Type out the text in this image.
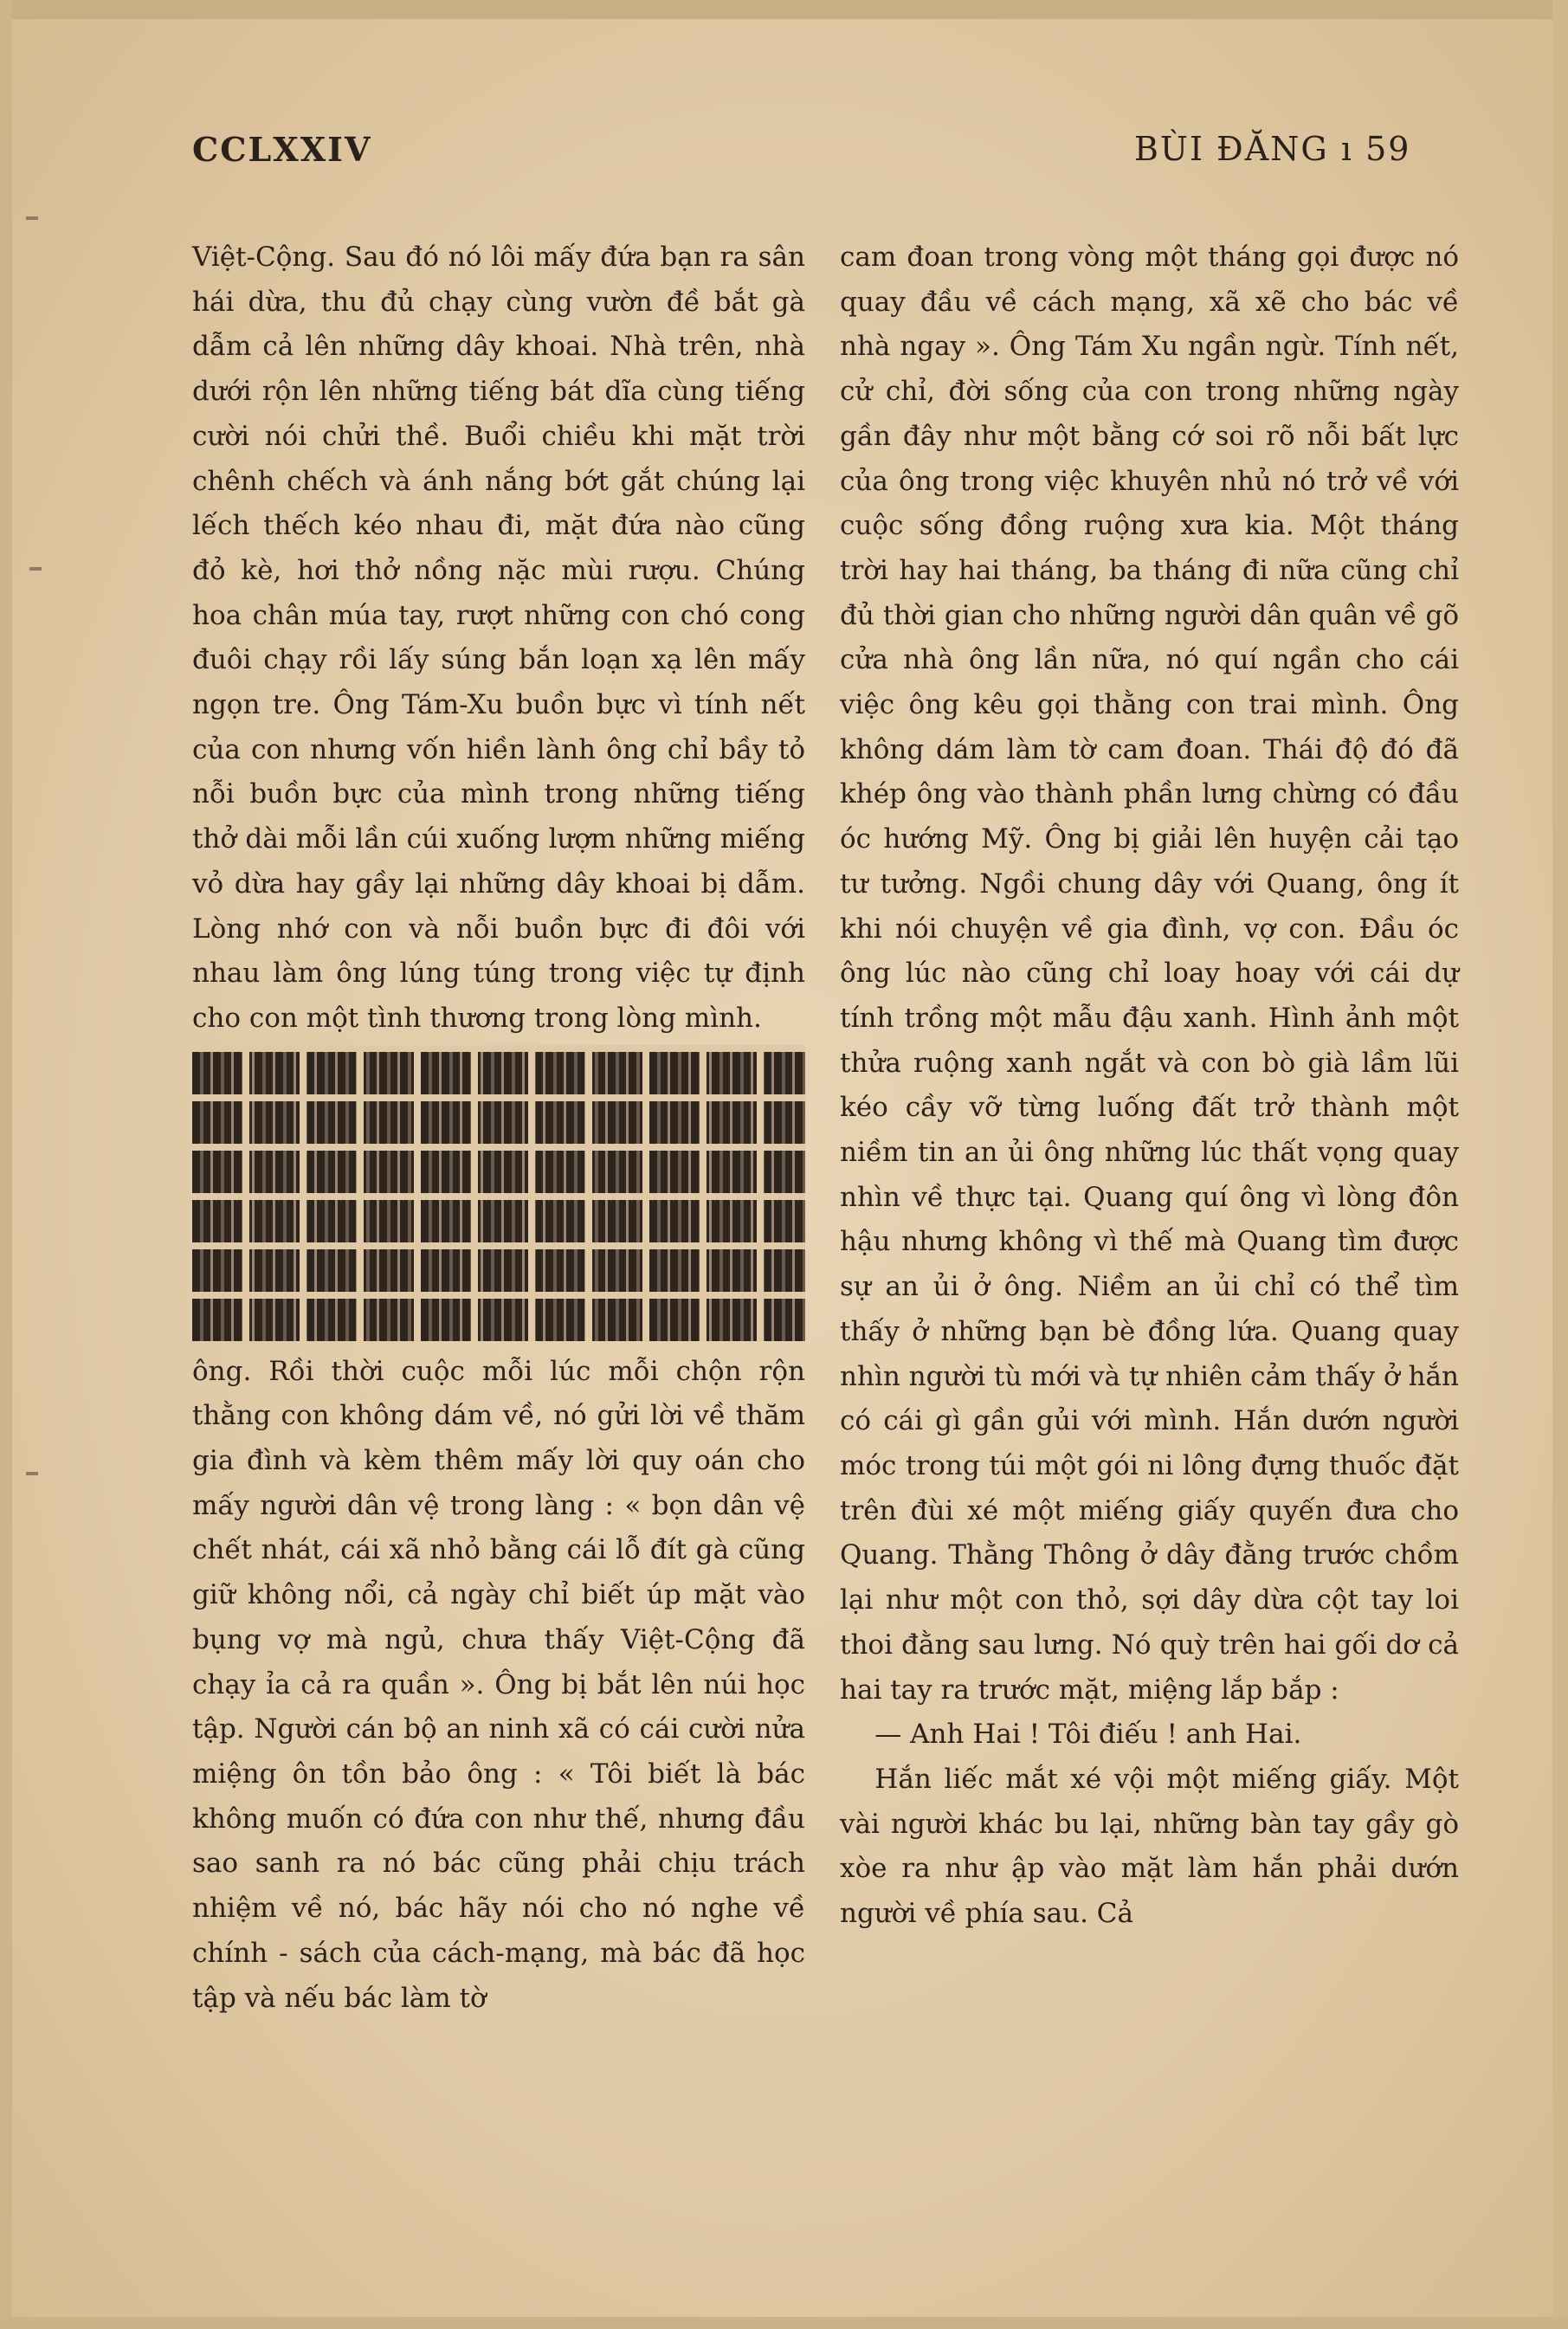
CCLXXIV	BÙI ĐĂNG ı 59

Việt-Cộng. Sau đó nó lôi mấy đứa bạn ra sân hái dừa, thu đủ chạy cùng vườn đề bắt gà dẫm cả lên những dây khoai. Nhà trên, nhà dưới rộn lên những tiếng bát dĩa cùng tiếng cười nói chửi thề. Buổi chiều khi mặt trời chênh chếch và ánh nắng bớt gắt chúng lại lếch thếch kéo nhau đi, mặt đứa nào cũng đỏ kè, hơi thở nồng nặc mùi rượu. Chúng hoa chân múa tay, rượt những con chó cong đuôi chạy rồi lấy súng bắn loạn xạ lên mấy ngọn tre. Ông Tám-Xu buồn bực vì tính nết của con nhưng vốn hiền lành ông chỉ bầy tỏ nỗi buồn bực của mình trong những tiếng thở dài mỗi lần cúi xuống lượm những miếng vỏ dừa hay gầy lại những dây khoai bị dẫm. Lòng nhớ con và nỗi buồn bực đi đôi với nhau làm ông lúng túng trong việc tự định cho con một tình thương trong lòng mình.

ông. Rồi thời cuộc mỗi lúc mỗi chộn rộn thằng con không dám về, nó gửi lời về thăm gia đình và kèm thêm mấy lời quy oán cho mấy người dân vệ trong làng : « bọn dân vệ chết nhát, cái xã nhỏ bằng cái lỗ đít gà cũng giữ không nổi, cả ngày chỉ biết úp mặt vào bụng vợ mà ngủ, chưa thấy Việt-Cộng đã chạy ỉa cả ra quần ». Ông bị bắt lên núi học tập. Người cán bộ an ninh xã có cái cười nửa miệng ôn tồn bảo ông : « Tôi biết là bác không muốn có đứa con như thế, nhưng đầu sao sanh ra nó bác cũng phải chịu trách nhiệm về nó, bác hãy nói cho nó nghe về chính - sách của cách-mạng, mà bác đã học tập và nếu bác làm tờ

cam đoan trong vòng một tháng gọi được nó quay đầu về cách mạng, xã xẽ cho bác về nhà ngay ». Ông Tám Xu ngần ngừ. Tính nết, cử chỉ, đời sống của con trong những ngày gần đây như một bằng cớ soi rõ nỗi bất lực của ông trong việc khuyên nhủ nó trở về với cuộc sống đồng ruộng xưa kia. Một tháng trời hay hai tháng, ba tháng đi nữa cũng chỉ đủ thời gian cho những người dân quân về gõ cửa nhà ông lần nữa, nó quí ngần cho cái việc ông kêu gọi thằng con trai mình. Ông không dám làm tờ cam đoan. Thái độ đó đã khép ông vào thành phần lưng chừng có đầu óc hướng Mỹ. Ông bị giải lên huyện cải tạo tư tưởng. Ngồi chung dây với Quang, ông ít khi nói chuyện về gia đình, vợ con. Đầu óc ông lúc nào cũng chỉ loay hoay với cái dự tính trồng một mẫu đậu xanh. Hình ảnh một thửa ruộng xanh ngắt và con bò già lầm lũi kéo cầy vỡ từng luống đất trở thành một niềm tin an ủi ông những lúc thất vọng quay nhìn về thực tại. Quang quí ông vì lòng đôn hậu nhưng không vì thế mà Quang tìm được sự an ủi ở ông. Niềm an ủi chỉ có thể tìm thấy ở những bạn bè đồng lứa. Quang quay nhìn người tù mới và tự nhiên cảm thấy ở hắn có cái gì gần gủi với mình. Hắn dướn người móc trong túi một gói ni lông đựng thuốc đặt trên đùi xé một miếng giấy quyến đưa cho Quang. Thằng Thông ở dây đằng trước chồm lại như một con thỏ, sợi dây dừa cột tay loi thoi đằng sau lưng. Nó quỳ trên hai gối dơ cả hai tay ra trước mặt, miệng lắp bắp :

— Anh Hai ! Tôi điếu ! anh Hai.

Hắn liếc mắt xé vội một miếng giấy. Một vài người khác bu lại, những bàn tay gầy gò xòe ra như ập vào mặt làm hắn phải dướn người về phía sau. Cả
